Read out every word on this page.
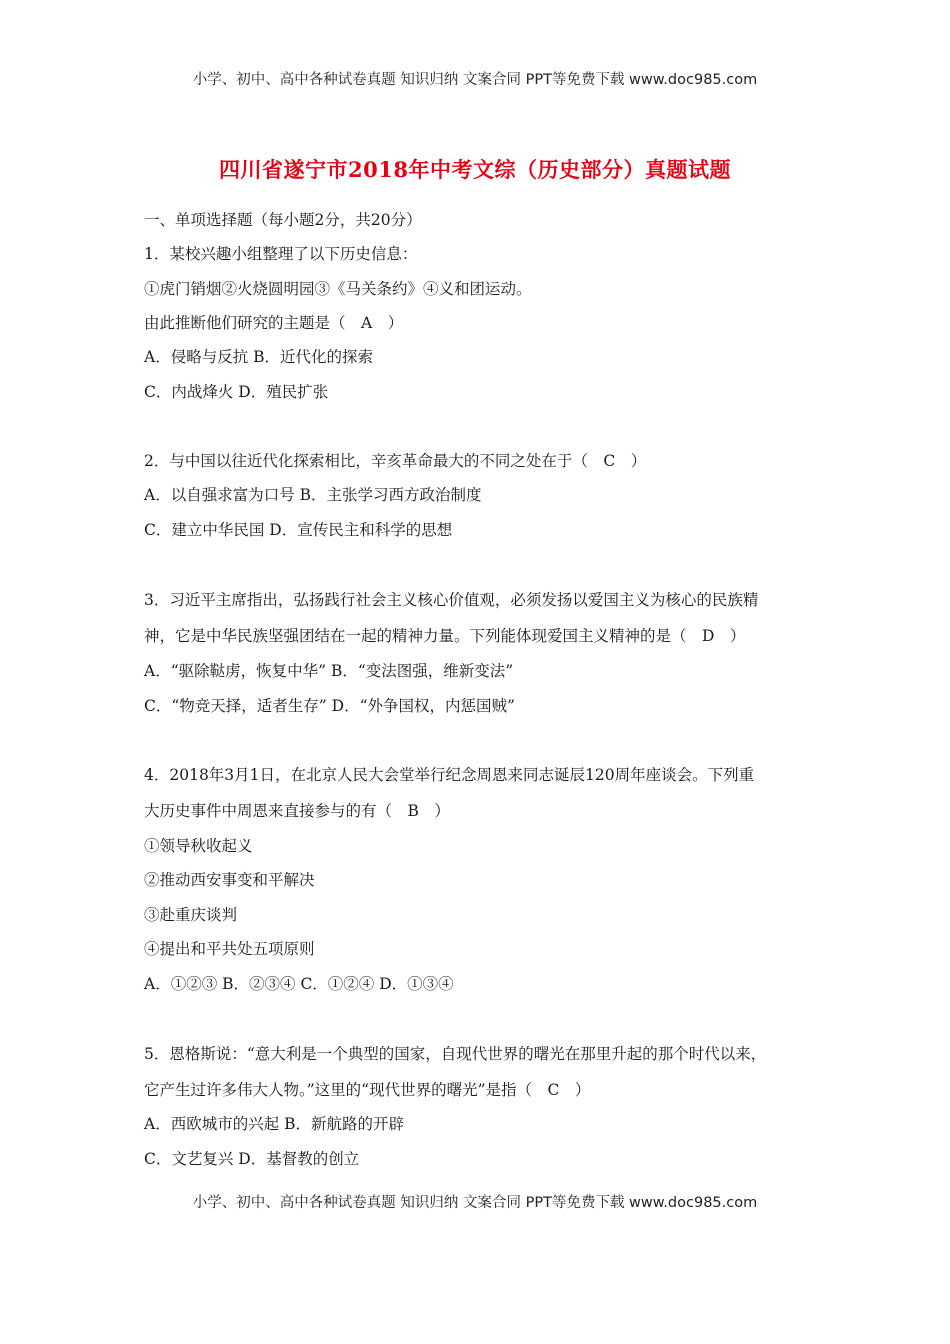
小学、初中、高中各种试卷真题 知识归纳 文案合同 PPT等免费下载 www.doc985.com
四川省遂宁市2018年中考文综（历史部分）真题试题
一、单项选择题（每小题2分，共20分）
1．某校兴趣小组整理了以下历史信息：
①虎门销烟②火烧圆明园③《马关条约》④义和团运动。
由此推断他们研究的主题是（　A　）
A．侵略与反抗 B．近代化的探索
C．内战烽火 D．殖民扩张
2．与中国以往近代化探索相比，辛亥革命最大的不同之处在于（　C　）
A．以自强求富为口号 B．主张学习西方政治制度
C．建立中华民国 D．宣传民主和科学的思想
3．习近平主席指出，弘扬践行社会主义核心价值观，必须发扬以爱国主义为核心的民族精
神，它是中华民族坚强团结在一起的精神力量。下列能体现爱国主义精神的是（　D　）
A．“驱除鞑虏，恢复中华” B．“变法图强，维新变法”
C．“物竞天择，适者生存” D．“外争国权，内惩国贼”
4．2018年3月1日，在北京人民大会堂举行纪念周恩来同志诞辰120周年座谈会。下列重
大历史事件中周恩来直接参与的有（　B　）
①领导秋收起义
②推动西安事变和平解决
③赴重庆谈判
④提出和平共处五项原则
A．①②③ B．②③④ C．①②④ D．①③④
5．恩格斯说：“意大利是一个典型的国家，自现代世界的曙光在那里升起的那个时代以来，
它产生过许多伟大人物。”这里的“现代世界的曙光”是指（　C　）
A．西欧城市的兴起 B．新航路的开辟
C．文艺复兴 D．基督教的创立
小学、初中、高中各种试卷真题 知识归纳 文案合同 PPT等免费下载 www.doc985.com
